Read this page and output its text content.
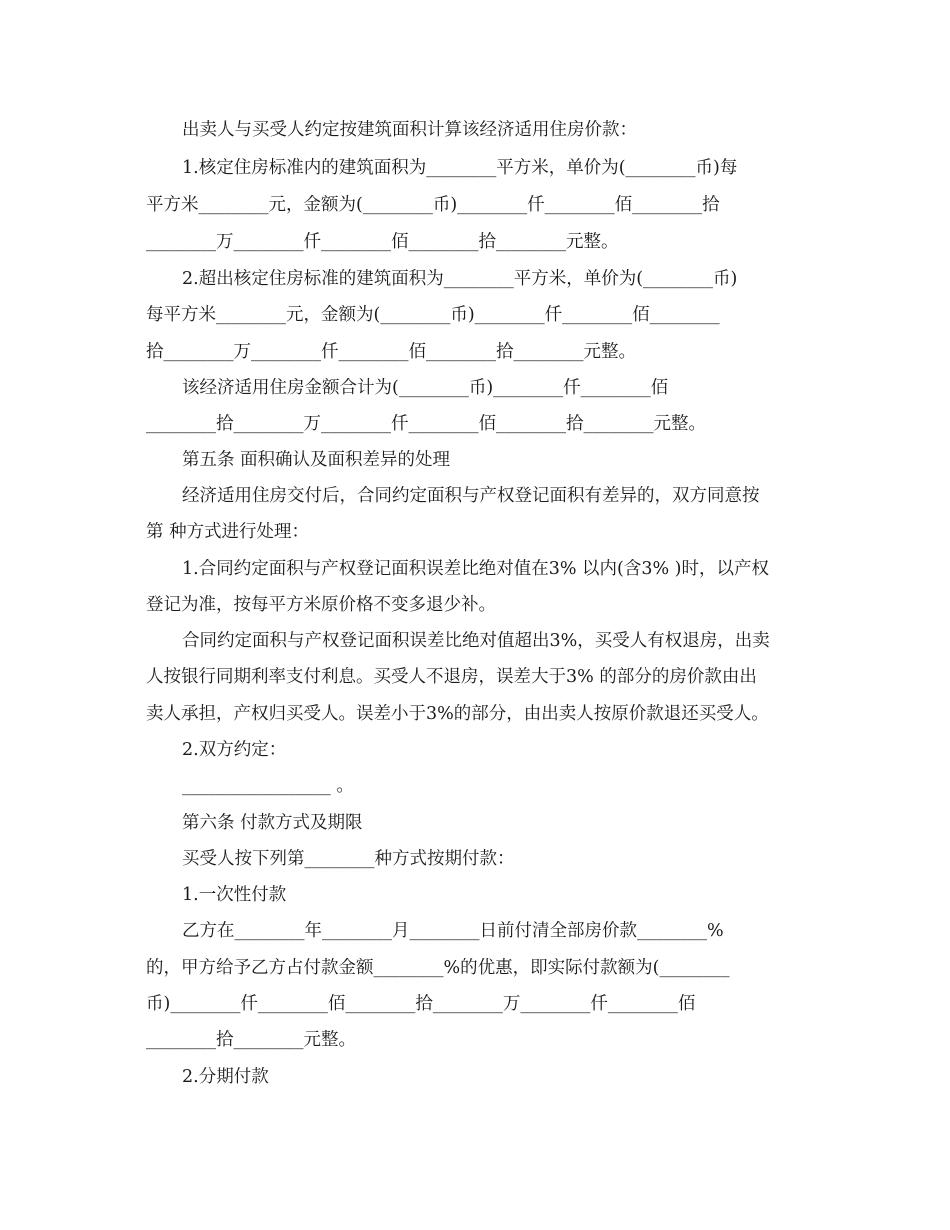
出卖人与买受人约定按建筑面积计算该经济适用住房价款：
1.核定住房标准内的建筑面积为________平方米，单价为(________币)每
平方米________元，金额为(________币)________仟________佰________拾
________万________仟________佰________拾________元整。
2.超出核定住房标准的建筑面积为________平方米，单价为(________币)
每平方米________元，金额为(________币)________仟________佰________
拾________万________仟________佰________拾________元整。
该经济适用住房金额合计为(________币)________仟________佰
________拾________万________仟________佰________拾________元整。
第五条 面积确认及面积差异的处理
经济适用住房交付后，合同约定面积与产权登记面积有差异的，双方同意按
第 种方式进行处理：
1.合同约定面积与产权登记面积误差比绝对值在3% 以内(含3% )时，以产权
登记为准，按每平方米原价格不变多退少补。
合同约定面积与产权登记面积误差比绝对值超出3%，买受人有权退房，出卖
人按银行同期利率支付利息。买受人不退房，误差大于3% 的部分的房价款由出
卖人承担，产权归买受人。误差小于3%的部分，由出卖人按原价款退还买受人。
2.双方约定：
_________________ 。
第六条 付款方式及期限
买受人按下列第________种方式按期付款：
1.一次性付款
乙方在________年________月________日前付清全部房价款________%
的，甲方给予乙方占付款金额________%的优惠，即实际付款额为(________
币)________仟________佰________拾________万________仟________佰
________拾________元整。
2.分期付款
